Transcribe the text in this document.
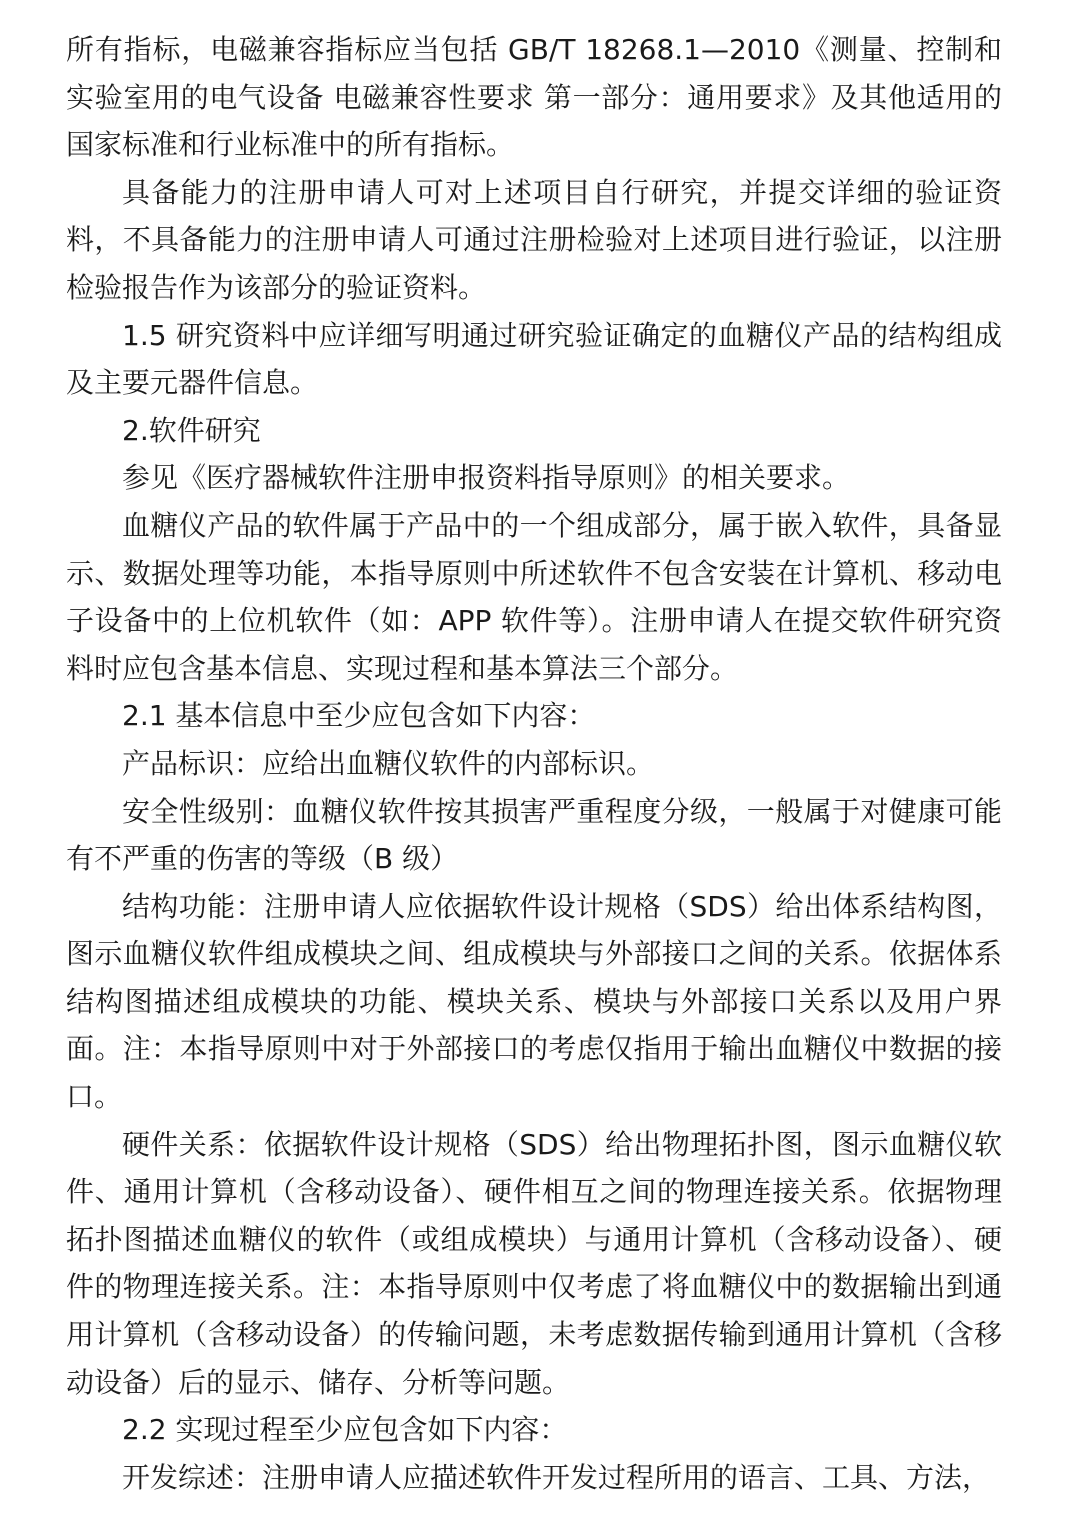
所有指标，电磁兼容指标应当包括 GB/T 18268.1—2010《测量、控制和实验室用的电气设备 电磁兼容性要求 第一部分：通用要求》及其他适用的国家标准和行业标准中的所有指标。

具备能力的注册申请人可对上述项目自行研究，并提交详细的验证资料，不具备能力的注册申请人可通过注册检验对上述项目进行验证，以注册检验报告作为该部分的验证资料。

1.5 研究资料中应详细写明通过研究验证确定的血糖仪产品的结构组成及主要元器件信息。

2.软件研究

参见《医疗器械软件注册申报资料指导原则》的相关要求。

血糖仪产品的软件属于产品中的一个组成部分，属于嵌入软件，具备显示、数据处理等功能，本指导原则中所述软件不包含安装在计算机、移动电子设备中的上位机软件（如：APP 软件等）。注册申请人在提交软件研究资料时应包含基本信息、实现过程和基本算法三个部分。

2.1 基本信息中至少应包含如下内容：

产品标识：应给出血糖仪软件的内部标识。

安全性级别：血糖仪软件按其损害严重程度分级，一般属于对健康可能有不严重的伤害的等级（B 级）

结构功能：注册申请人应依据软件设计规格（SDS）给出体系结构图，图示血糖仪软件组成模块之间、组成模块与外部接口之间的关系。依据体系结构图描述组成模块的功能、模块关系、模块与外部接口关系以及用户界面。注：本指导原则中对于外部接口的考虑仅指用于输出血糖仪中数据的接口。

硬件关系：依据软件设计规格（SDS）给出物理拓扑图，图示血糖仪软件、通用计算机（含移动设备）、硬件相互之间的物理连接关系。依据物理拓扑图描述血糖仪的软件（或组成模块）与通用计算机（含移动设备）、硬件的物理连接关系。注：本指导原则中仅考虑了将血糖仪中的数据输出到通用计算机（含移动设备）的传输问题，未考虑数据传输到通用计算机（含移动设备）后的显示、储存、分析等问题。

2.2 实现过程至少应包含如下内容：

开发综述：注册申请人应描述软件开发过程所用的语言、工具、方法，
